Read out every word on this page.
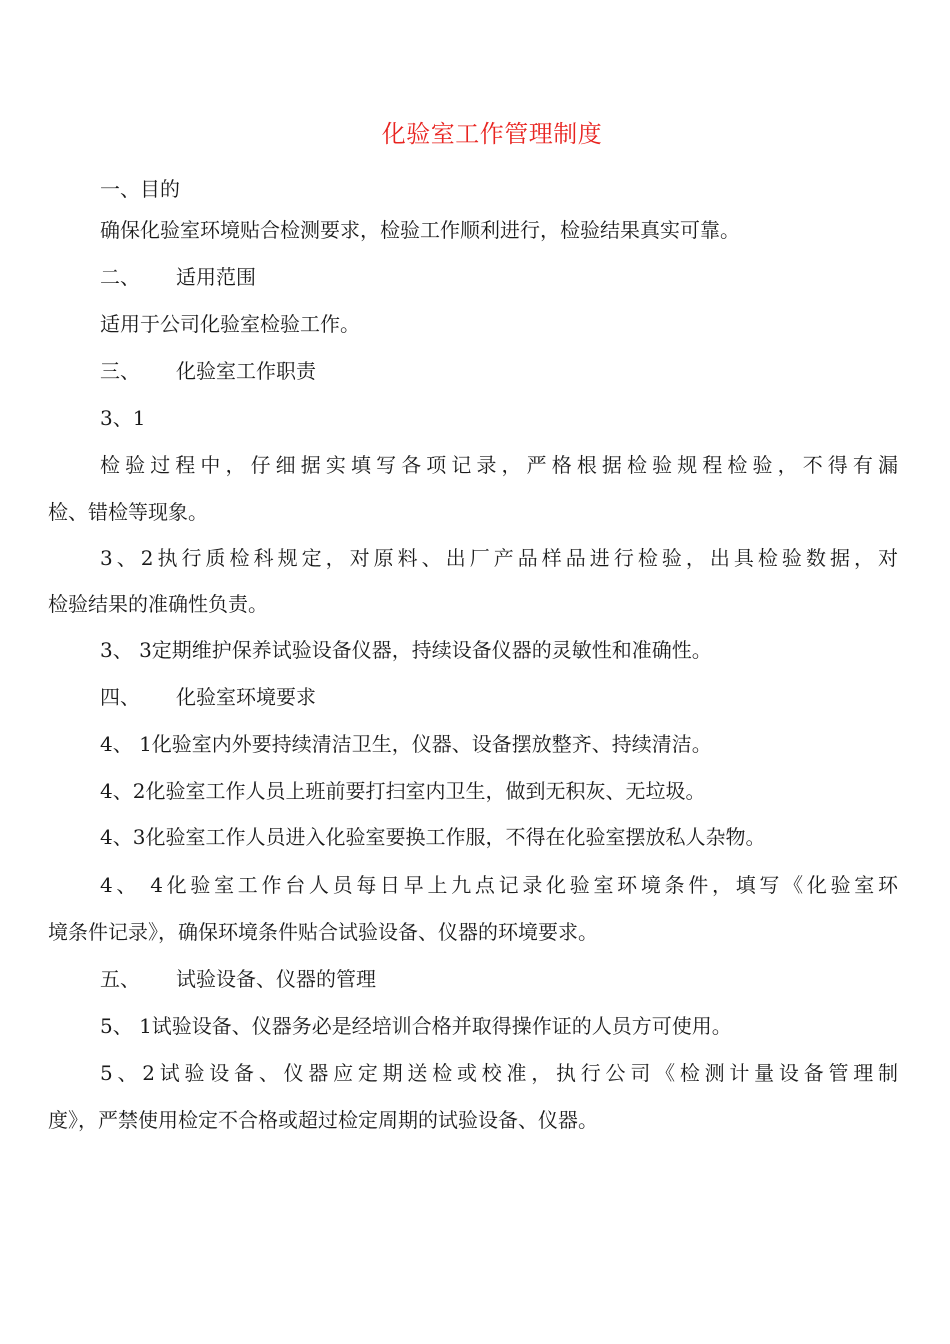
化验室工作管理制度
一、目的
确保化验室环境贴合检测要求，检验工作顺利进行，检验结果真实可靠。
二、 适用范围
适用于公司化验室检验工作。
三、 化验室工作职责
3、1
检验过程中，仔细据实填写各项记录，严格根据检验规程检验，不得有漏
检、错检等现象。
3、2执行质检科规定，对原料、出厂产品样品进行检验，出具检验数据，对
检验结果的准确性负责。
3、 3定期维护保养试验设备仪器，持续设备仪器的灵敏性和准确性。
四、 化验室环境要求
4、 1化验室内外要持续清洁卫生，仪器、设备摆放整齐、持续清洁。
4、2化验室工作人员上班前要打扫室内卫生，做到无积灰、无垃圾。
4、3化验室工作人员进入化验室要换工作服，不得在化验室摆放私人杂物。
4、 4化验室工作台人员每日早上九点记录化验室环境条件，填写《化验室环
境条件记录》，确保环境条件贴合试验设备、仪器的环境要求。
五、 试验设备、仪器的管理
5、 1试验设备、仪器务必是经培训合格并取得操作证的人员方可使用。
5、2试验设备、仪器应定期送检或校准，执行公司《检测计量设备管理制
度》，严禁使用检定不合格或超过检定周期的试验设备、仪器。
